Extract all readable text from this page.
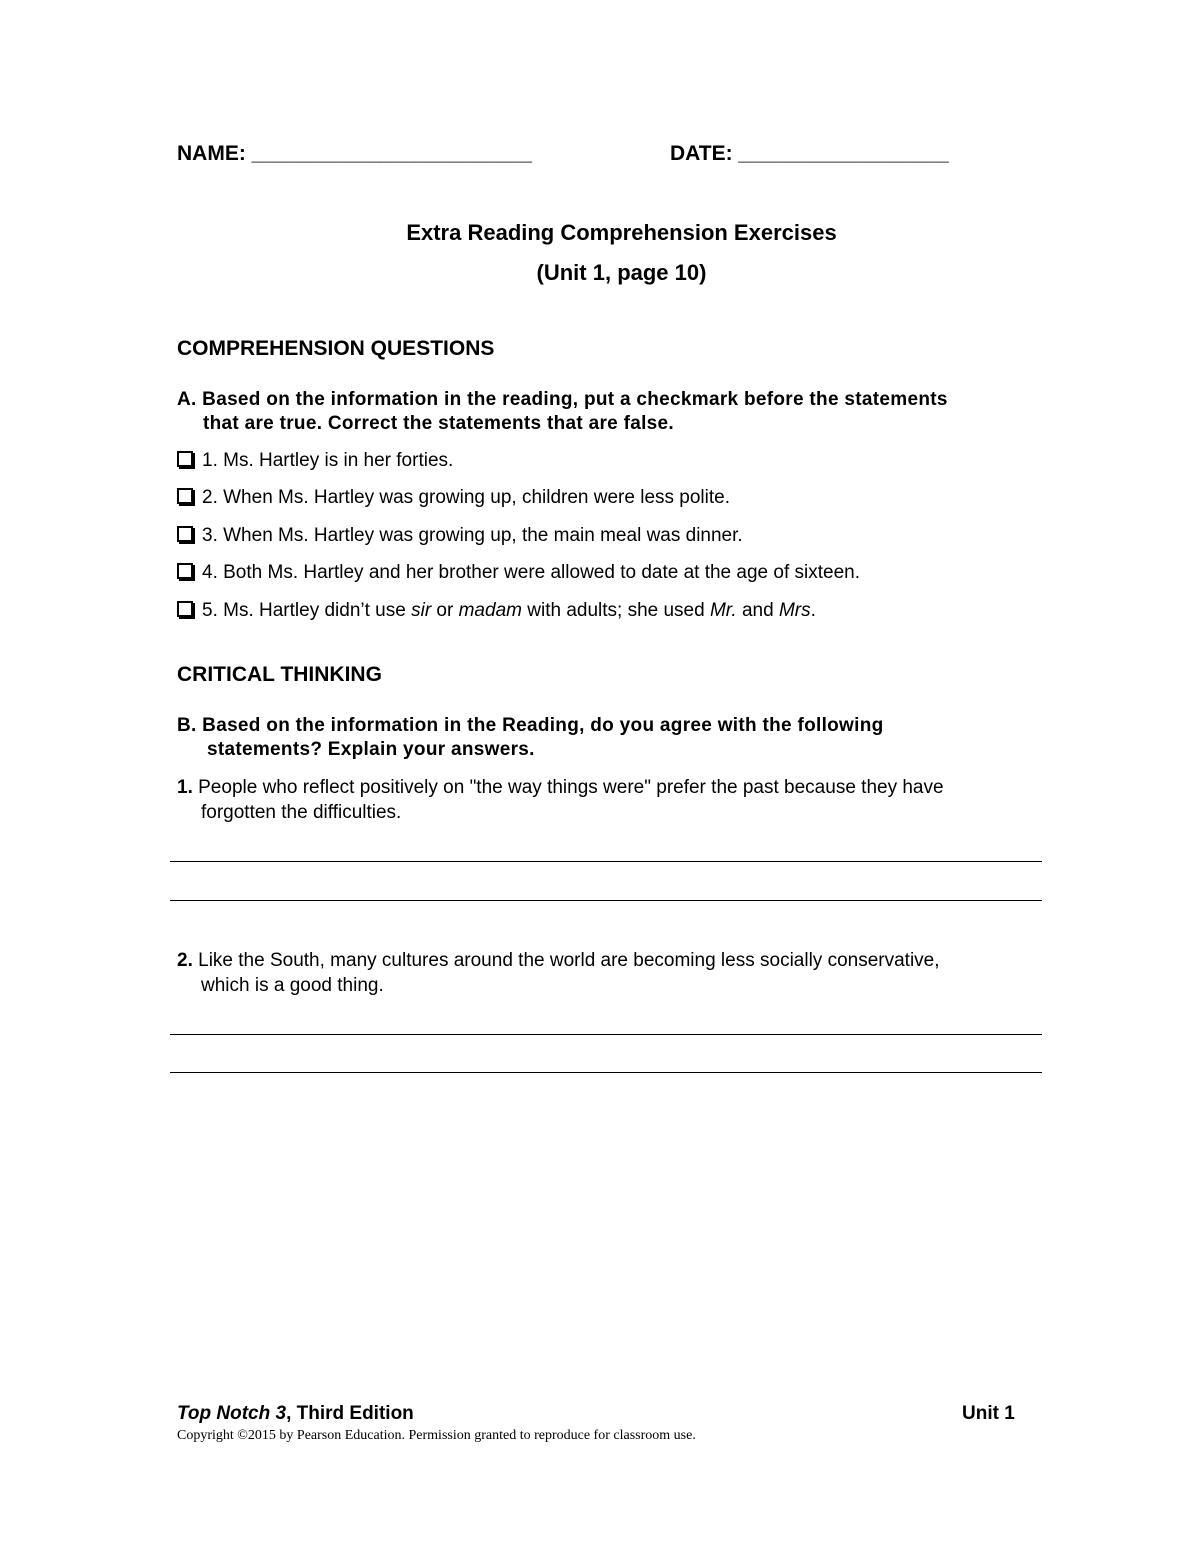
NAME: ________________________	DATE: __________________
Extra Reading Comprehension Exercises
(Unit 1, page 10)
COMPREHENSION QUESTIONS
A. Based on the information in the reading, put a checkmark before the statements
that are true. Correct the statements that are false.
1. Ms. Hartley is in her forties.
2. When Ms. Hartley was growing up, children were less polite.
3. When Ms. Hartley was growing up, the main meal was dinner.
4. Both Ms. Hartley and her brother were allowed to date at the age of sixteen.
5. Ms. Hartley didn’t use sir or madam with adults; she used Mr. and Mrs.
CRITICAL THINKING
B. Based on the information in the Reading, do you agree with the following
statements? Explain your answers.
1. People who reflect positively on "the way things were" prefer the past because they have
forgotten the difficulties.
2. Like the South, many cultures around the world are becoming less socially conservative,
which is a good thing.
Top Notch 3, Third Edition	Unit 1
Copyright ©2015 by Pearson Education. Permission granted to reproduce for classroom use.
